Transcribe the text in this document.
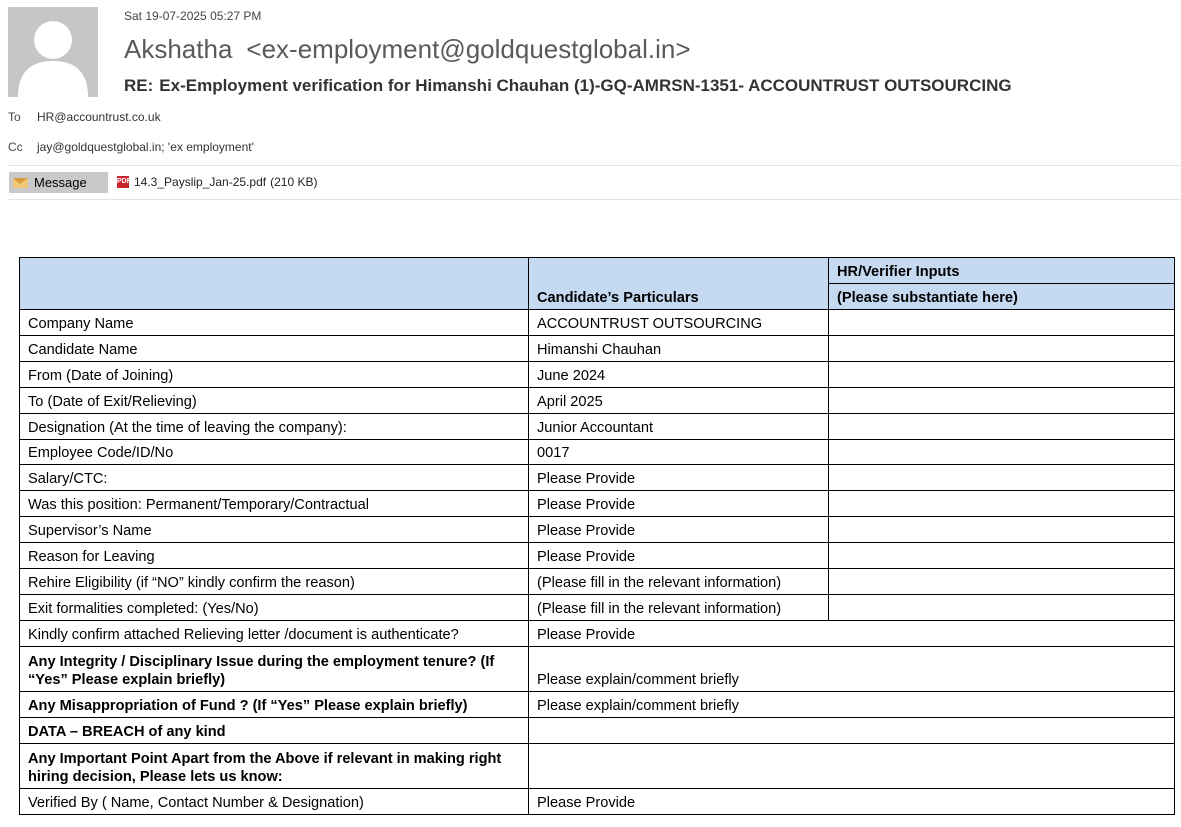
Sat 19-07-2025 05:27 PM
Akshatha <ex-employment@goldquestglobal.in>
RE: Ex-Employment verification for Himanshi Chauhan (1)-GQ-AMRSN-1351- ACCOUNTRUST OUTSOURCING
To HR@accountrust.co.uk
Cc jay@goldquestglobal.in; 'ex employment'
Message	PDF 14.3_Payslip_Jan-25.pdf (210 KB)
	Candidate’s Particulars	HR/Verifier Inputs
		(Please substantiate here)
Company Name	ACCOUNTRUST OUTSOURCING	
Candidate Name	Himanshi Chauhan	
From (Date of Joining)	June 2024	
To (Date of Exit/Relieving)	April 2025	
Designation (At the time of leaving the company):	Junior Accountant	
Employee Code/ID/No	0017	
Salary/CTC:	Please Provide	
Was this position: Permanent/Temporary/Contractual	Please Provide	
Supervisor’s Name	Please Provide	
Reason for Leaving	Please Provide	
Rehire Eligibility (if “NO” kindly confirm the reason)	(Please fill in the relevant information)	
Exit formalities completed: (Yes/No)	(Please fill in the relevant information)	
Kindly confirm attached Relieving letter /document is authenticate?	Please Provide	
Any Integrity / Disciplinary Issue during the employment tenure? (If “Yes” Please explain briefly)	Please explain/comment briefly	
Any Misappropriation of Fund ? (If “Yes” Please explain briefly)	Please explain/comment briefly	
DATA – BREACH of any kind		
Any Important Point Apart from the Above if relevant in making right hiring decision, Please lets us know:		
Verified By ( Name, Contact Number & Designation)	Please Provide	
